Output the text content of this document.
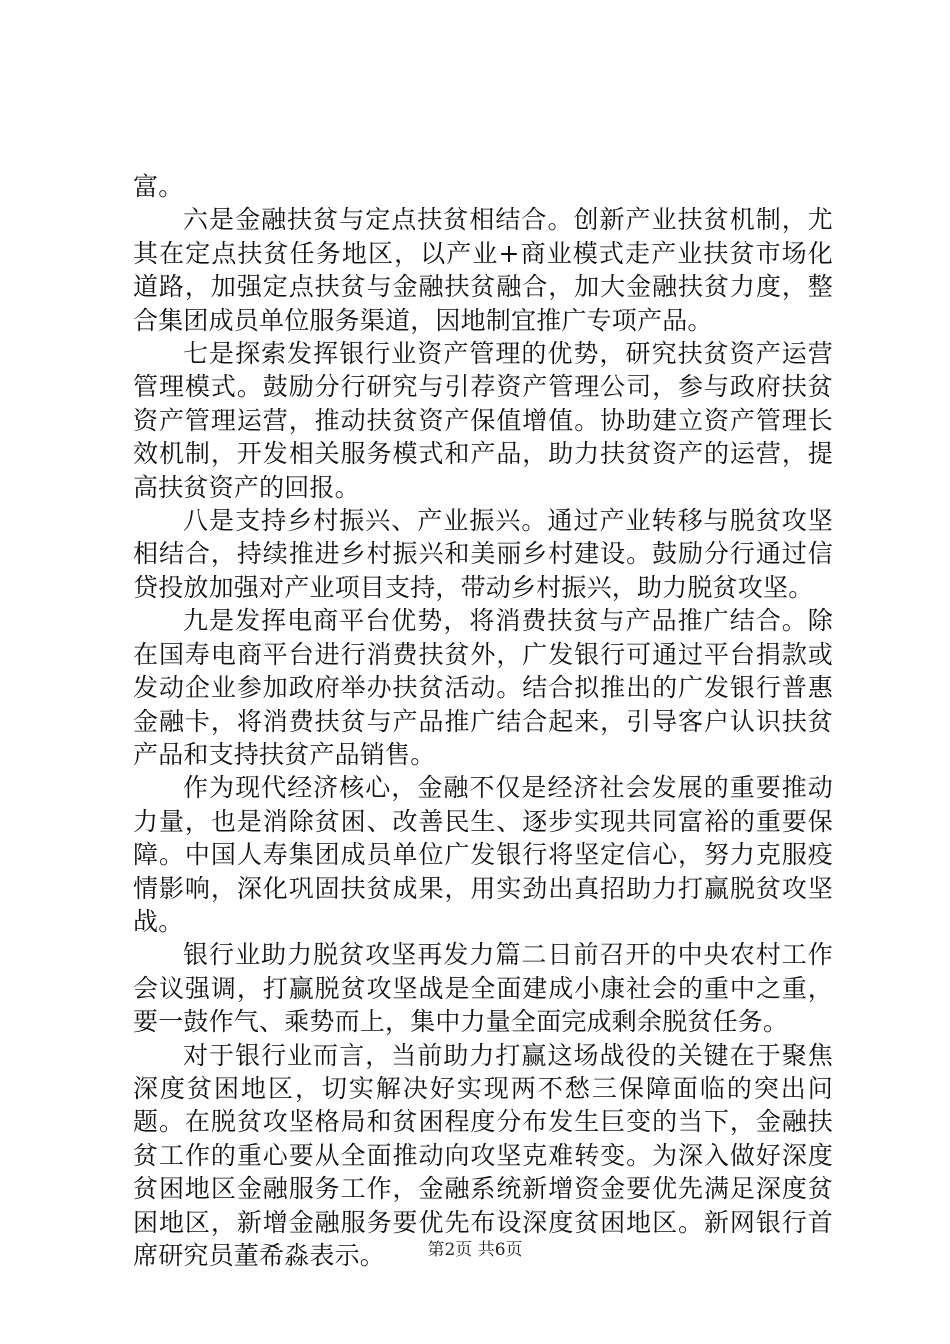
富。

六是金融扶贫与定点扶贫相结合。创新产业扶贫机制，尤其在定点扶贫任务地区，以产业+商业模式走产业扶贫市场化道路，加强定点扶贫与金融扶贫融合，加大金融扶贫力度，整合集团成员单位服务渠道，因地制宜推广专项产品。

七是探索发挥银行业资产管理的优势，研究扶贫资产运营管理模式。鼓励分行研究与引荐资产管理公司，参与政府扶贫资产管理运营，推动扶贫资产保值增值。协助建立资产管理长效机制，开发相关服务模式和产品，助力扶贫资产的运营，提高扶贫资产的回报。

八是支持乡村振兴、产业振兴。通过产业转移与脱贫攻坚相结合，持续推进乡村振兴和美丽乡村建设。鼓励分行通过信贷投放加强对产业项目支持，带动乡村振兴，助力脱贫攻坚。

九是发挥电商平台优势，将消费扶贫与产品推广结合。除在国寿电商平台进行消费扶贫外，广发银行可通过平台捐款或发动企业参加政府举办扶贫活动。结合拟推出的广发银行普惠金融卡，将消费扶贫与产品推广结合起来，引导客户认识扶贫产品和支持扶贫产品销售。

作为现代经济核心，金融不仅是经济社会发展的重要推动力量，也是消除贫困、改善民生、逐步实现共同富裕的重要保障。中国人寿集团成员单位广发银行将坚定信心，努力克服疫情影响，深化巩固扶贫成果，用实劲出真招助力打赢脱贫攻坚战。

银行业助力脱贫攻坚再发力篇二日前召开的中央农村工作会议强调，打赢脱贫攻坚战是全面建成小康社会的重中之重，要一鼓作气、乘势而上，集中力量全面完成剩余脱贫任务。

对于银行业而言，当前助力打赢这场战役的关键在于聚焦深度贫困地区，切实解决好实现两不愁三保障面临的突出问题。在脱贫攻坚格局和贫困程度分布发生巨变的当下，金融扶贫工作的重心要从全面推动向攻坚克难转变。为深入做好深度贫困地区金融服务工作，金融系统新增资金要优先满足深度贫困地区，新增金融服务要优先布设深度贫困地区。新网银行首席研究员董希淼表示。	第2页 共6页
